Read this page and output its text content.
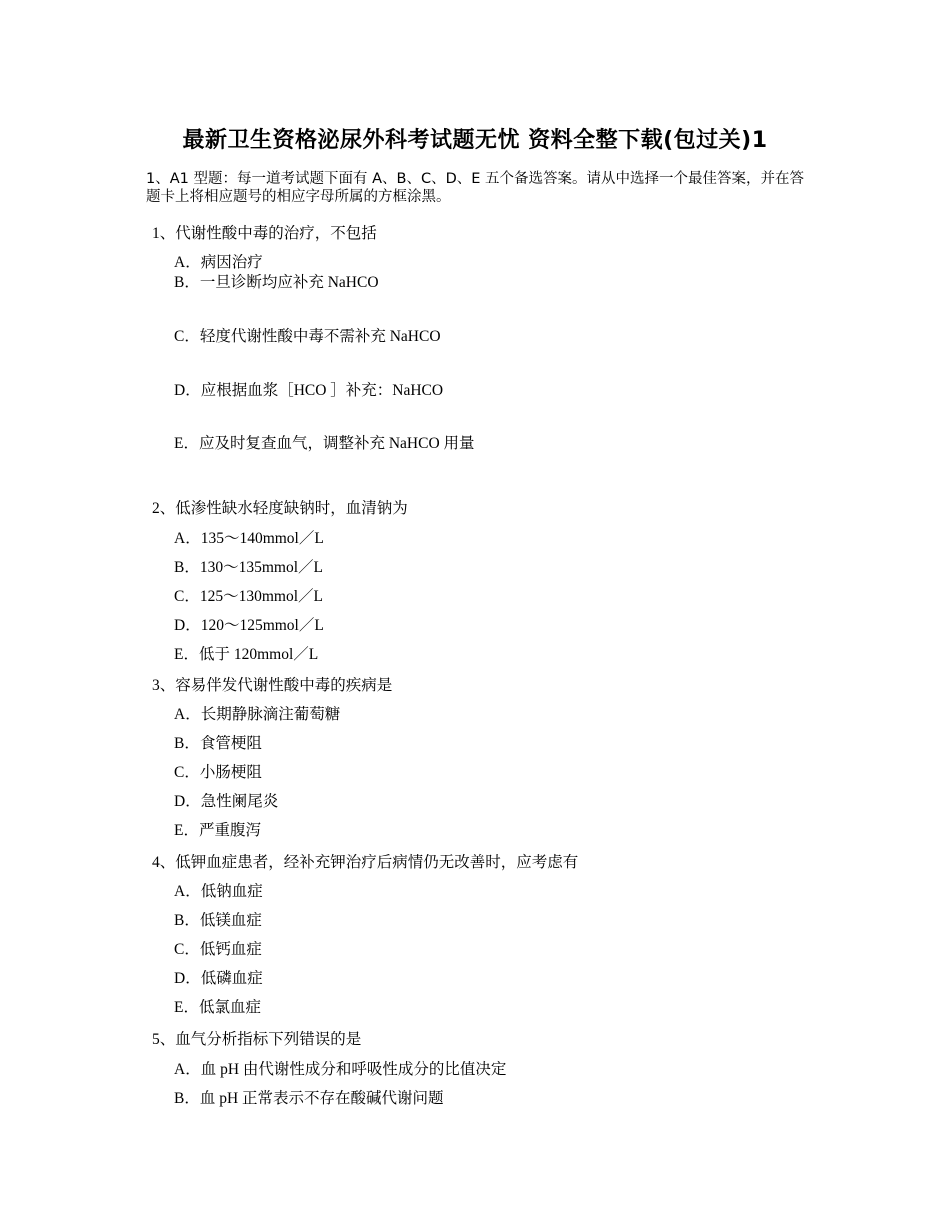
最新卫生资格泌尿外科考试题无忧 资料全整下载(包过关)1
1、A1 型题：每一道考试题下面有 A、B、C、D、E 五个备选答案。请从中选择一个最佳答案，并在答题卡上将相应题号的相应字母所属的方框涂黑。
1、代谢性酸中毒的治疗，不包括
A．病因治疗
B．一旦诊断均应补充 NaHCO
C．轻度代谢性酸中毒不需补充 NaHCO
D．应根据血浆［HCO ］补充：NaHCO
E．应及时复查血气，调整补充 NaHCO 用量
2、低渗性缺水轻度缺钠时，血清钠为
A．135～140mmol／L
B．130～135mmol／L
C．125～130mmol／L
D．120～125mmol／L
E．低于 120mmol／L
3、容易伴发代谢性酸中毒的疾病是
A．长期静脉滴注葡萄糖
B．食管梗阻
C．小肠梗阻
D．急性阑尾炎
E．严重腹泻
4、低钾血症患者，经补充钾治疗后病情仍无改善时，应考虑有
A．低钠血症
B．低镁血症
C．低钙血症
D．低磷血症
E．低氯血症
5、血气分析指标下列错误的是
A．血 pH 由代谢性成分和呼吸性成分的比值决定
B．血 pH 正常表示不存在酸碱代谢问题
